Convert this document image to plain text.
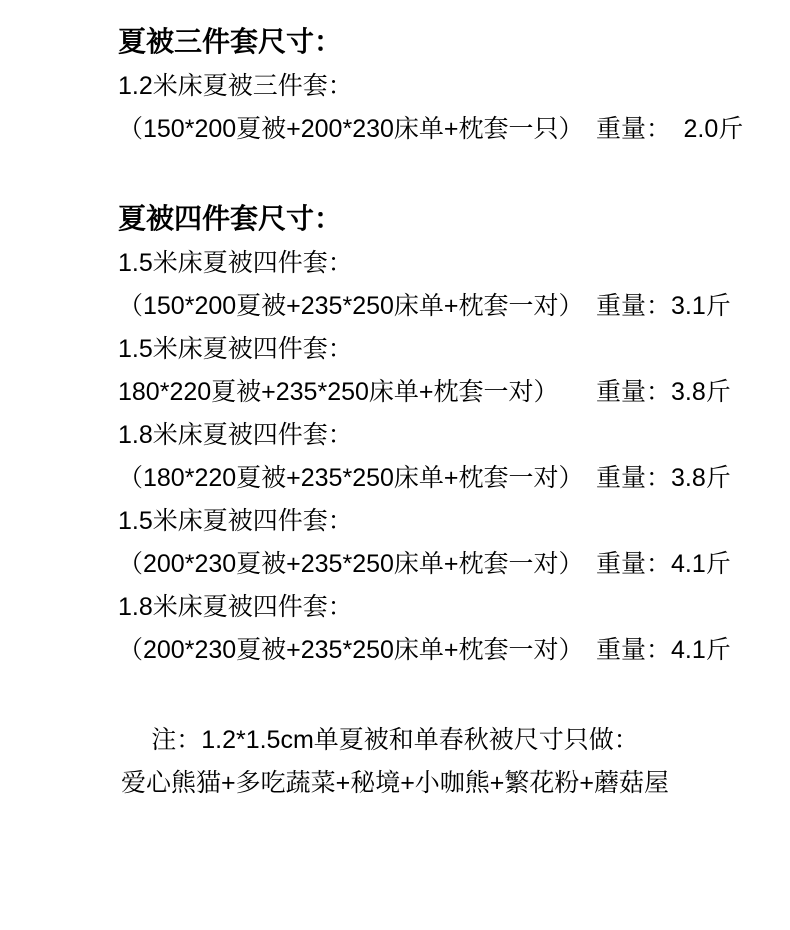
夏被三件套尺寸：

1.2米床夏被三件套：

（150*200夏被+200*230床单+枕套一只）　重量：　2.0斤

夏被四件套尺寸：

1.5米床夏被四件套：

（150*200夏被+235*250床单+枕套一对）　重量：3.1斤

1.5米床夏被四件套：

180*220夏被+235*250床单+枕套一对）　　重量：3.8斤

1.8米床夏被四件套：

（180*220夏被+235*250床单+枕套一对）　重量：3.8斤

1.5米床夏被四件套：

（200*230夏被+235*250床单+枕套一对）　重量：4.1斤

1.8米床夏被四件套：

（200*230夏被+235*250床单+枕套一对）　重量：4.1斤

注：1.2*1.5cm单夏被和单春秋被尺寸只做：

爱心熊猫+多吃蔬菜+秘境+小咖熊+繁花粉+蘑菇屋
